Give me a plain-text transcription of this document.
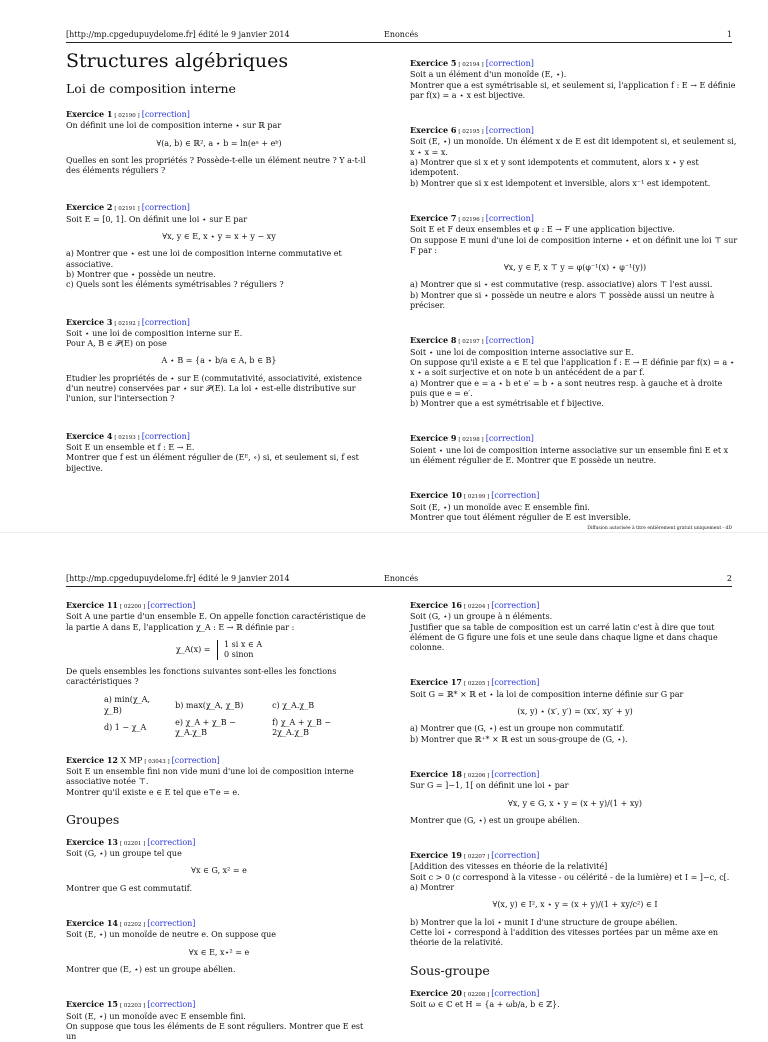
[http://mp.cpgedupuydelome.fr] édité le 9 janvier 2014	Enoncés	1
Structures algébriques
Loi de composition interne
Exercice 1 [ 02190 ] [correction]

On définit une loi de composition interne ⋆ sur ℝ par

∀(a, b) ∈ ℝ², a ⋆ b = ln(eᵃ + eᵇ)

Quelles en sont les propriétés ? Possède-t-elle un élément neutre ? Y a-t-il des éléments réguliers ?

Exercice 2 [ 02191 ] [correction]

Soit E = [0, 1]. On définit une loi ⋆ sur E par

∀x, y ∈ E, x ⋆ y = x + y − xy

a) Montrer que ⋆ est une loi de composition interne commutative et associative.

b) Montrer que ⋆ possède un neutre.

c) Quels sont les éléments symétrisables ? réguliers ?

Exercice 3 [ 02192 ] [correction]

Soit ⋆ une loi de composition interne sur E.

Pour A, B ∈ 𝒫(E) on pose

A ⋆ B = {a ⋆ b/a ∈ A, b ∈ B}

Etudier les propriétés de ⋆ sur E (commutativité, associativité, existence d'un neutre) conservées par ⋆ sur 𝒫(E). La loi ⋆ est-elle distributive sur l'union, sur l'intersection ?

Exercice 4 [ 02193 ] [correction]

Soit E un ensemble et f : E → E.

Montrer que f est un élément régulier de (Eᴱ, ∘) si, et seulement si, f est bijective.

Exercice 5 [ 02194 ] [correction]

Soit a un élément d'un monoïde (E, ⋆).

Montrer que a est symétrisable si, et seulement si, l'application f : E → E définie par f(x) = a ⋆ x est bijective.

Exercice 6 [ 02195 ] [correction]

Soit (E, ⋆) un monoïde. Un élément x de E est dit idempotent si, et seulement si, x ⋆ x = x.

a) Montrer que si x et y sont idempotents et commutent, alors x ⋆ y est idempotent.

b) Montrer que si x est idempotent et inversible, alors x⁻¹ est idempotent.

Exercice 7 [ 02196 ] [correction]

Soit E et F deux ensembles et φ : E → F une application bijective.

On suppose E muni d'une loi de composition interne ⋆ et on définit une loi ⊤ sur F par :

∀x, y ∈ F, x ⊤ y = φ(φ⁻¹(x) ⋆ φ⁻¹(y))

a) Montrer que si ⋆ est commutative (resp. associative) alors ⊤ l'est aussi.

b) Montrer que si ⋆ possède un neutre e alors ⊤ possède aussi un neutre à préciser.

Exercice 8 [ 02197 ] [correction]

Soit ⋆ une loi de composition interne associative sur E.

On suppose qu'il existe a ∈ E tel que l'application f : E → E définie par f(x) = a ⋆ x ⋆ a soit surjective et on note b un antécédent de a par f.

a) Montrer que e = a ⋆ b et e′ = b ⋆ a sont neutres resp. à gauche et à droite puis que e = e′.

b) Montrer que a est symétrisable et f bijective.

Exercice 9 [ 02198 ] [correction]

Soient ⋆ une loi de composition interne associative sur un ensemble fini E et x un élément régulier de E. Montrer que E possède un neutre.

Exercice 10 [ 02199 ] [correction]

Soit (E, ⋆) un monoïde avec E ensemble fini.

Montrer que tout élément régulier de E est inversible.

Diffusion autorisée à titre entièrement gratuit uniquement - dD
[http://mp.cpgedupuydelome.fr] édité le 9 janvier 2014	Enoncés	2
Exercice 11 [ 02200 ] [correction]

Soit A une partie d'un ensemble E. On appelle fonction caractéristique de la partie A dans E, l'application χ_A : E → ℝ définie par :

χ_A(x) = 1 si x ∈ A
0 sinon

De quels ensembles les fonctions suivantes sont-elles les fonctions caractéristiques ?

a) min(χ_A, χ_B)	b) max(χ_A, χ_B)	c) χ_A.χ_B
d) 1 − χ_A	e) χ_A + χ_B − χ_A.χ_B	f) χ_A + χ_B − 2χ_A.χ_B
Exercice 12 X MP [ 03043 ] [correction]

Soit E un ensemble fini non vide muni d'une loi de composition interne associative notée ⊤.

Montrer qu'il existe e ∈ E tel que e⊤e = e.

Groupes
Exercice 13 [ 02201 ] [correction]

Soit (G, ⋆) un groupe tel que

∀x ∈ G, x² = e

Montrer que G est commutatif.

Exercice 14 [ 02202 ] [correction]

Soit (E, ⋆) un monoïde de neutre e. On suppose que

∀x ∈ E, x⋆² = e

Montrer que (E, ⋆) est un groupe abélien.

Exercice 15 [ 02203 ] [correction]

Soit (E, ⋆) un monoïde avec E ensemble fini.

On suppose que tous les éléments de E sont réguliers. Montrer que E est un

Exercice 16 [ 02204 ] [correction]

Soit (G, ⋆) un groupe à n éléments.

Justifier que sa table de composition est un carré latin c'est à dire que tout élément de G figure une fois et une seule dans chaque ligne et dans chaque colonne.

Exercice 17 [ 02205 ] [correction]

Soit G = ℝ* × ℝ et ⋆ la loi de composition interne définie sur G par

(x, y) ⋆ (x′, y′) = (xx′, xy′ + y)

a) Montrer que (G, ⋆) est un groupe non commutatif.

b) Montrer que ℝ⁺* × ℝ est un sous-groupe de (G, ⋆).

Exercice 18 [ 02206 ] [correction]

Sur G = ]−1, 1[ on définit une loi ⋆ par

∀x, y ∈ G, x ⋆ y = (x + y)/(1 + xy)

Montrer que (G, ⋆) est un groupe abélien.

Exercice 19 [ 02207 ] [correction]

[Addition des vitesses en théorie de la relativité]

Soit c > 0 (c correspond à la vitesse - ou célérité - de la lumière) et I = ]−c, c[.

a) Montrer

∀(x, y) ∈ I², x ⋆ y = (x + y)/(1 + xy/c²) ∈ I

b) Montrer que la loi ⋆ munit I d'une structure de groupe abélien.

Cette loi ⋆ correspond à l'addition des vitesses portées par un même axe en théorie de la relativité.

Sous-groupe
Exercice 20 [ 02208 ] [correction]

Soit ω ∈ ℂ et H = {a + ωb/a, b ∈ ℤ}.
